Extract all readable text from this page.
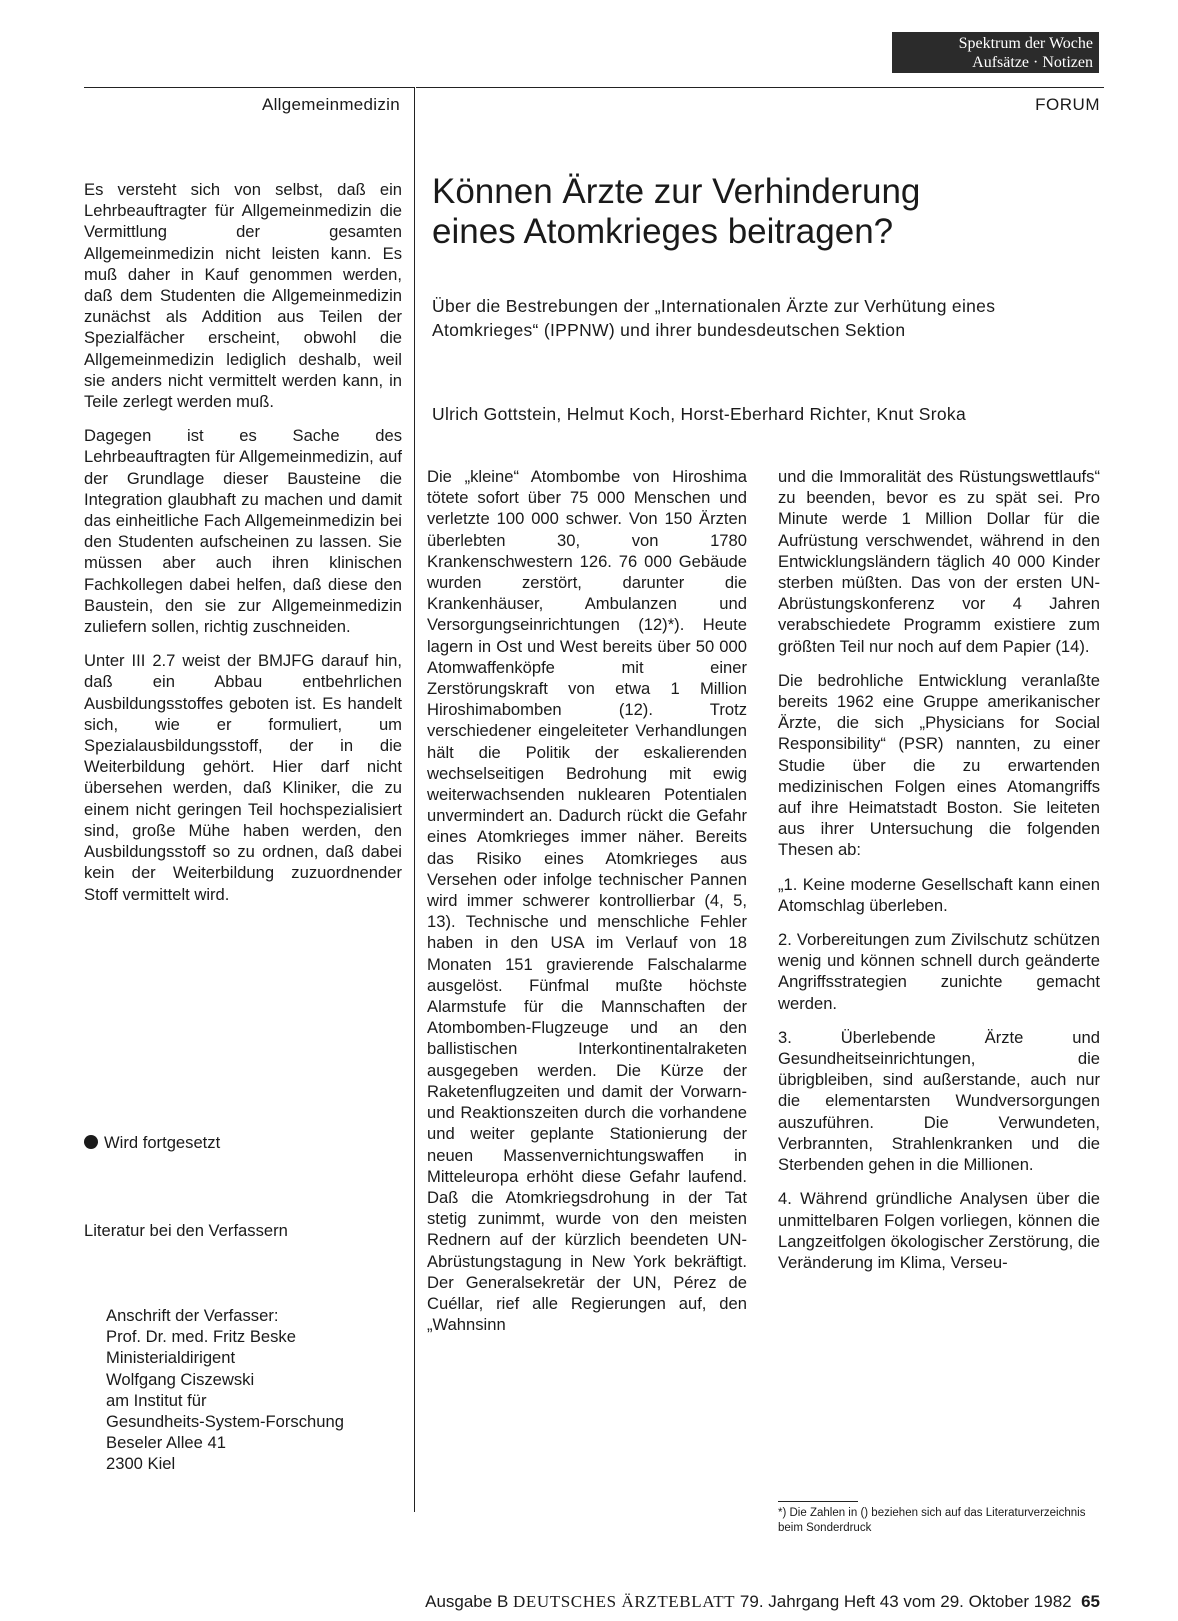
Spektrum der Woche
Aufsätze · Notizen
Allgemeinmedizin	FORUM
Können Ärzte zur Verhinderung
eines Atomkrieges beitragen?
Über die Bestrebungen der „Internationalen Ärzte zur Verhütung eines Atomkrieges“ (IPPNW) und ihrer bundesdeutschen Sektion
Ulrich Gottstein, Helmut Koch, Horst-Eberhard Richter, Knut Sroka

Es versteht sich von selbst, daß ein Lehrbeauftragter für Allgemeinmedizin die Vermittlung der gesamten Allgemeinmedizin nicht leisten kann. Es muß daher in Kauf genommen werden, daß dem Studenten die Allgemeinmedizin zunächst als Addition aus Teilen der Spezialfächer erscheint, obwohl die Allgemeinmedizin lediglich deshalb, weil sie anders nicht vermittelt werden kann, in Teile zerlegt werden muß.

Dagegen ist es Sache des Lehrbeauftragten für Allgemeinmedizin, auf der Grundlage dieser Bausteine die Integration glaubhaft zu machen und damit das einheitliche Fach Allgemeinmedizin bei den Studenten aufscheinen zu lassen. Sie müssen aber auch ihren klinischen Fachkollegen dabei helfen, daß diese den Baustein, den sie zur Allgemeinmedizin zuliefern sollen, richtig zuschneiden.

Unter III 2.7 weist der BMJFG darauf hin, daß ein Abbau entbehrlichen Ausbildungsstoffes geboten ist. Es handelt sich, wie er formuliert, um Spezialausbildungsstoff, der in die Weiterbildung gehört. Hier darf nicht übersehen werden, daß Kliniker, die zu einem nicht geringen Teil hochspezialisiert sind, große Mühe haben werden, den Ausbildungsstoff so zu ordnen, daß dabei kein der Weiterbildung zuzuordnender Stoff vermittelt wird.

Wird fortgesetzt
Literatur bei den Verfassern
Anschrift der Verfasser:
Prof. Dr. med. Fritz Beske
Ministerialdirigent
Wolfgang Ciszewski
am Institut für
Gesundheits-System-Forschung
Beseler Allee 41
2300 Kiel

Die „kleine“ Atombombe von Hiroshima tötete sofort über 75 000 Menschen und verletzte 100 000 schwer. Von 150 Ärzten überlebten 30, von 1780 Krankenschwestern 126. 76 000 Gebäude wurden zerstört, darunter die Krankenhäuser, Ambulanzen und Versorgungseinrichtungen (12)*). Heute lagern in Ost und West bereits über 50 000 Atomwaffenköpfe mit einer Zerstörungskraft von etwa 1 Million Hiroshimabomben (12). Trotz verschiedener eingeleiteter Verhandlungen hält die Politik der eskalierenden wechselseitigen Bedrohung mit ewig weiterwachsenden nuklearen Potentialen unvermindert an. Dadurch rückt die Gefahr eines Atomkrieges immer näher. Bereits das Risiko eines Atomkrieges aus Versehen oder infolge technischer Pannen wird immer schwerer kontrollierbar (4, 5, 13). Technische und menschliche Fehler haben in den USA im Verlauf von 18 Monaten 151 gravierende Falschalarme ausgelöst. Fünfmal mußte höchste Alarmstufe für die Mannschaften der Atombomben-Flugzeuge und an den ballistischen Interkontinentalraketen ausgegeben werden. Die Kürze der Raketenflugzeiten und damit der Vorwarn- und Reaktionszeiten durch die vorhandene und weiter geplante Stationierung der neuen Massenvernichtungswaffen in Mitteleuropa erhöht diese Gefahr laufend. Daß die Atomkriegsdrohung in der Tat stetig zunimmt, wurde von den meisten Rednern auf der kürzlich beendeten UN-Abrüstungstagung in New York bekräftigt. Der Generalsekretär der UN, Pérez de Cuéllar, rief alle Regierungen auf, den „Wahnsinn

und die Immoralität des Rüstungswettlaufs“ zu beenden, bevor es zu spät sei. Pro Minute werde 1 Million Dollar für die Aufrüstung verschwendet, während in den Entwicklungsländern täglich 40 000 Kinder sterben müßten. Das von der ersten UN-Abrüstungskonferenz vor 4 Jahren verabschiedete Programm existiere zum größten Teil nur noch auf dem Papier (14).

Die bedrohliche Entwicklung veranlaßte bereits 1962 eine Gruppe amerikanischer Ärzte, die sich „Physicians for Social Responsibility“ (PSR) nannten, zu einer Studie über die zu erwartenden medizinischen Folgen eines Atomangriffs auf ihre Heimatstadt Boston. Sie leiteten aus ihrer Untersuchung die folgenden Thesen ab:

„1. Keine moderne Gesellschaft kann einen Atomschlag überleben.

2. Vorbereitungen zum Zivilschutz schützen wenig und können schnell durch geänderte Angriffsstrategien zunichte gemacht werden.

3. Überlebende Ärzte und Gesundheitseinrichtungen, die übrigbleiben, sind außerstande, auch nur die elementarsten Wundversorgungen auszuführen. Die Verwundeten, Verbrannten, Strahlenkranken und die Sterbenden gehen in die Millionen.

4. Während gründliche Analysen über die unmittelbaren Folgen vorliegen, können die Langzeitfolgen ökologischer Zerstörung, die Veränderung im Klima, Verseu-

*) Die Zahlen in () beziehen sich auf das Literaturverzeichnis beim Sonderdruck
Ausgabe B DEUTSCHES ÄRZTEBLATT 79. Jahrgang Heft 43 vom 29. Oktober 1982 65
